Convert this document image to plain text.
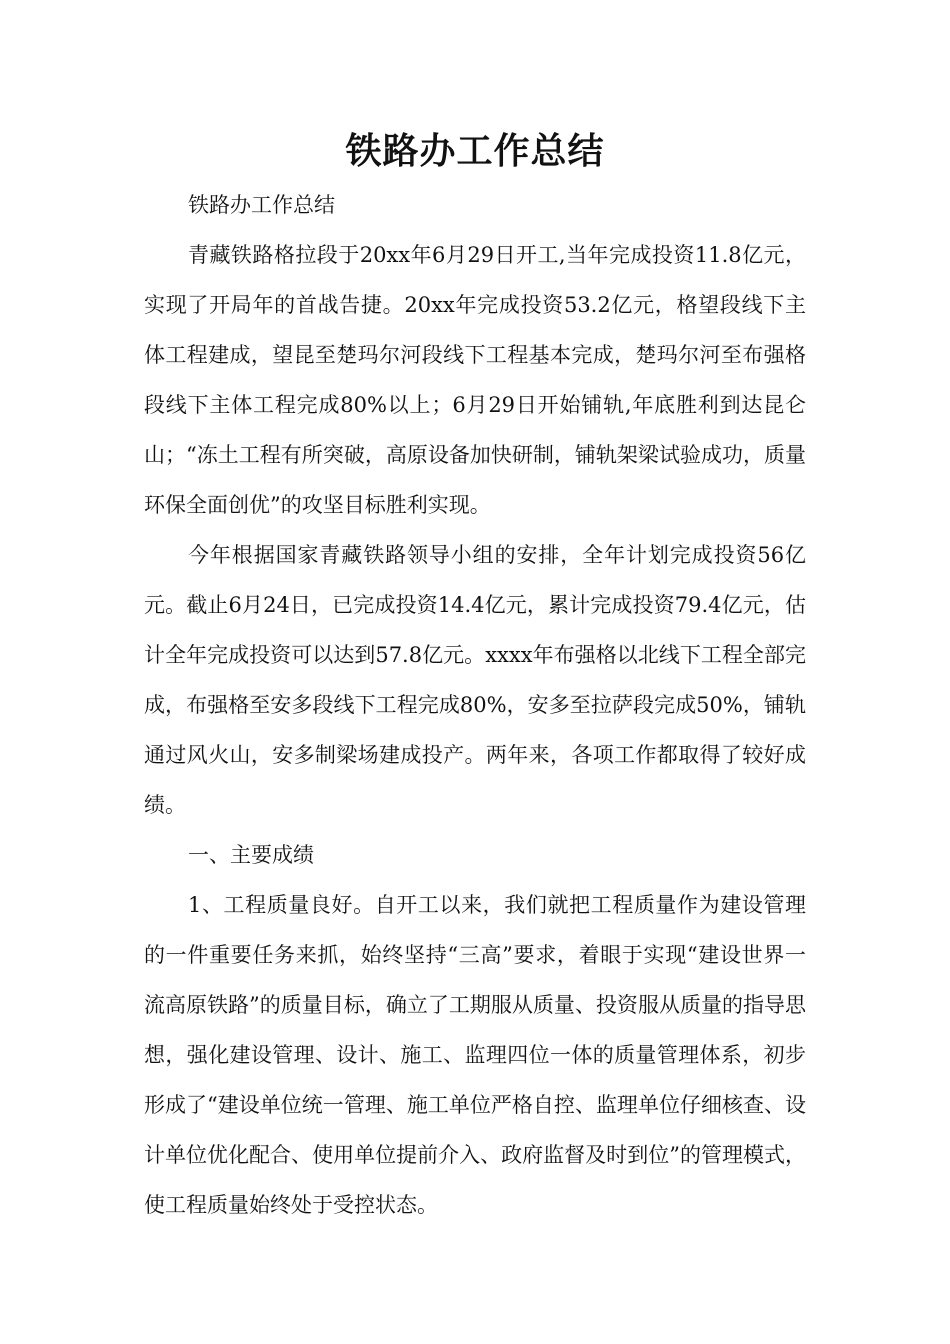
铁路办工作总结

铁路办工作总结

青藏铁路格拉段于20xx年6月29日开工,当年完成投资11.8亿元，实现了开局年的首战告捷。20xx年完成投资53.2亿元，格望段线下主体工程建成，望昆至楚玛尔河段线下工程基本完成，楚玛尔河至布强格段线下主体工程完成80%以上；6月29日开始铺轨,年底胜利到达昆仑山；“冻土工程有所突破，高原设备加快研制，铺轨架梁试验成功，质量环保全面创优”的攻坚目标胜利实现。

今年根据国家青藏铁路领导小组的安排，全年计划完成投资56亿元。截止6月24日，已完成投资14.4亿元，累计完成投资79.4亿元，估计全年完成投资可以达到57.8亿元。xxxx年布强格以北线下工程全部完成，布强格至安多段线下工程完成80%，安多至拉萨段完成50%，铺轨通过风火山，安多制梁场建成投产。两年来，各项工作都取得了较好成绩。

一、主要成绩

1、工程质量良好。自开工以来，我们就把工程质量作为建设管理的一件重要任务来抓，始终坚持“三高”要求，着眼于实现“建设世界一流高原铁路”的质量目标，确立了工期服从质量、投资服从质量的指导思想，强化建设管理、设计、施工、监理四位一体的质量管理体系，初步形成了“建设单位统一管理、施工单位严格自控、监理单位仔细核查、设计单位优化配合、使用单位提前介入、政府监督及时到位”的管理模式，使工程质量始终处于受控状态。
